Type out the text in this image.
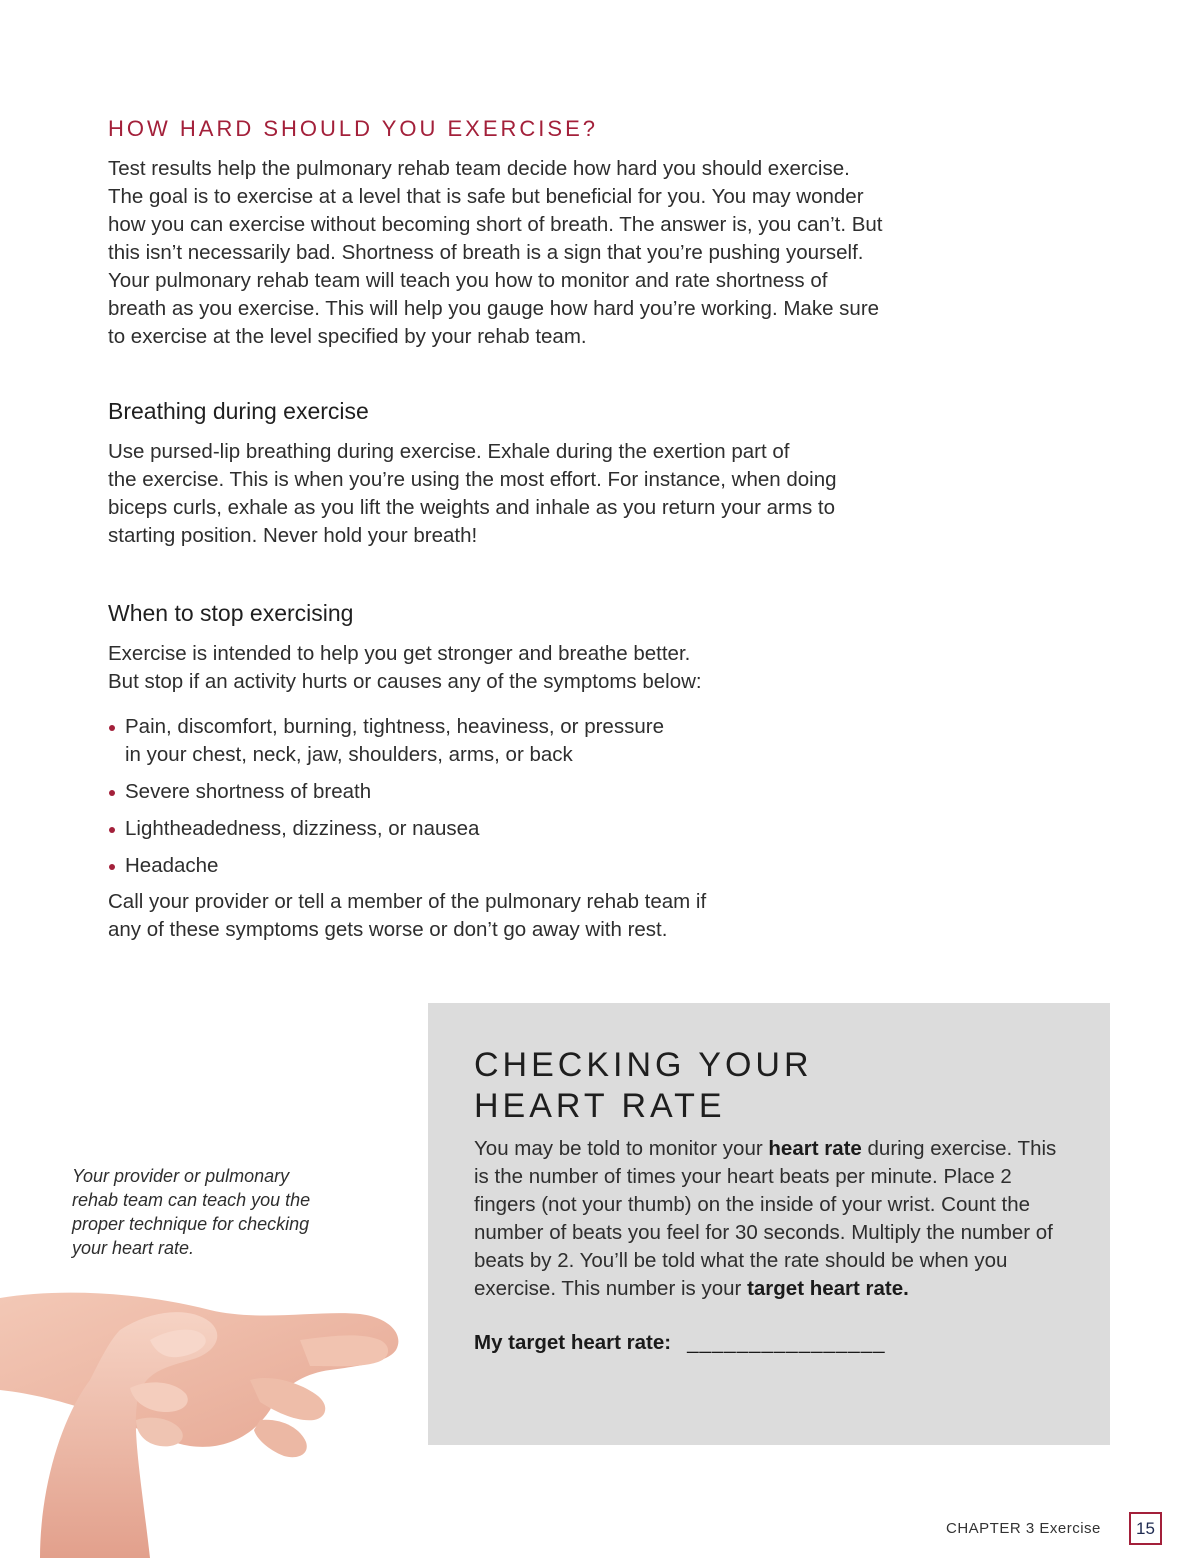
HOW HARD SHOULD YOU EXERCISE?
Test results help the pulmonary rehab team decide how hard you should exercise.
The goal is to exercise at a level that is safe but beneficial for you. You may wonder
how you can exercise without becoming short of breath. The answer is, you can’t. But
this isn’t necessarily bad. Shortness of breath is a sign that you’re pushing yourself.
Your pulmonary rehab team will teach you how to monitor and rate shortness of
breath as you exercise. This will help you gauge how hard you’re working. Make sure
to exercise at the level specified by your rehab team.
Breathing during exercise
Use pursed-lip breathing during exercise. Exhale during the exertion part of
the exercise. This is when you’re using the most effort. For instance, when doing
biceps curls, exhale as you lift the weights and inhale as you return your arms to
starting position. Never hold your breath!
When to stop exercising
Exercise is intended to help you get stronger and breathe better.
But stop if an activity hurts or causes any of the symptoms below:
Pain, discomfort, burning, tightness, heaviness, or pressure
in your chest, neck, jaw, shoulders, arms, or back
Severe shortness of breath
Lightheadedness, dizziness, or nausea
Headache
Call your provider or tell a member of the pulmonary rehab team if
any of these symptoms gets worse or don’t go away with rest.
Your provider or pulmonary
rehab team can teach you the
proper technique for checking
your heart rate.
CHECKING YOUR
HEART RATE
You may be told to monitor your heart rate during exercise. This is the number of times your heart beats per minute. Place 2 fingers (not your thumb) on the inside of your wrist. Count the number of beats you feel for 30 seconds. Multiply the number of beats by 2. You’ll be told what the rate should be when you exercise. This number is your target heart rate.
My target heart rate: ________________
CHAPTER 3 Exercise	15
